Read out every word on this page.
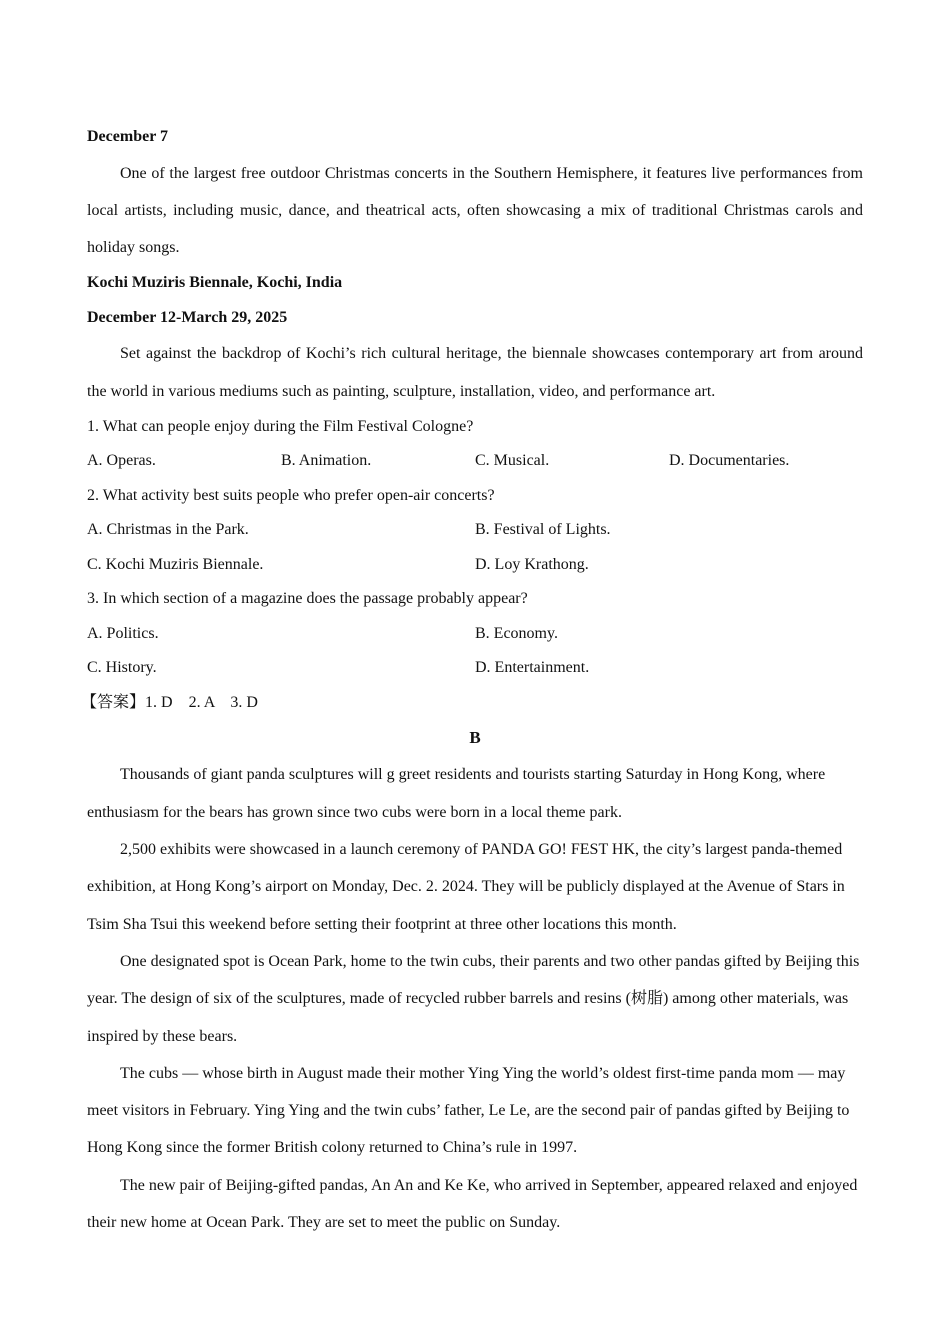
December 7

One of the largest free outdoor Christmas concerts in the Southern Hemisphere, it features live performances from local artists, including music, dance, and theatrical acts, often showcasing a mix of traditional Christmas carols and holiday songs.

Kochi Muziris Biennale, Kochi, India
December 12-March 29, 2025

Set against the backdrop of Kochi’s rich cultural heritage, the biennale showcases contemporary art from around the world in various mediums such as painting, sculpture, installation, video, and performance art.

1. What can people enjoy during the Film Festival Cologne?
A. Operas.	B. Animation.	C. Musical.	D. Documentaries.
2. What activity best suits people who prefer open-air concerts?
A. Christmas in the Park.	B. Festival of Lights.
C. Kochi Muziris Biennale.	D. Loy Krathong.
3. In which section of a magazine does the passage probably appear?
A. Politics.	B. Economy.
C. History.	D. Entertainment.
【答案】1. D    2. A    3. D
B

Thousands of giant panda sculptures will g greet residents and tourists starting Saturday in Hong Kong, where enthusiasm for the bears has grown since two cubs were born in a local theme park.

2,500 exhibits were showcased in a launch ceremony of PANDA GO! FEST HK, the city’s largest panda-themed exhibition, at Hong Kong’s airport on Monday, Dec. 2. 2024. They will be publicly displayed at the Avenue of Stars in Tsim Sha Tsui this weekend before setting their footprint at three other locations this month.

One designated spot is Ocean Park, home to the twin cubs, their parents and two other pandas gifted by Beijing this year. The design of six of the sculptures, made of recycled rubber barrels and resins (树脂) among other materials, was inspired by these bears.

The cubs — whose birth in August made their mother Ying Ying the world’s oldest first-time panda mom — may meet visitors in February. Ying Ying and the twin cubs’ father, Le Le, are the second pair of pandas gifted by Beijing to Hong Kong since the former British colony returned to China’s rule in 1997.

The new pair of Beijing-gifted pandas, An An and Ke Ke, who arrived in September, appeared relaxed and enjoyed their new home at Ocean Park. They are set to meet the public on Sunday.
